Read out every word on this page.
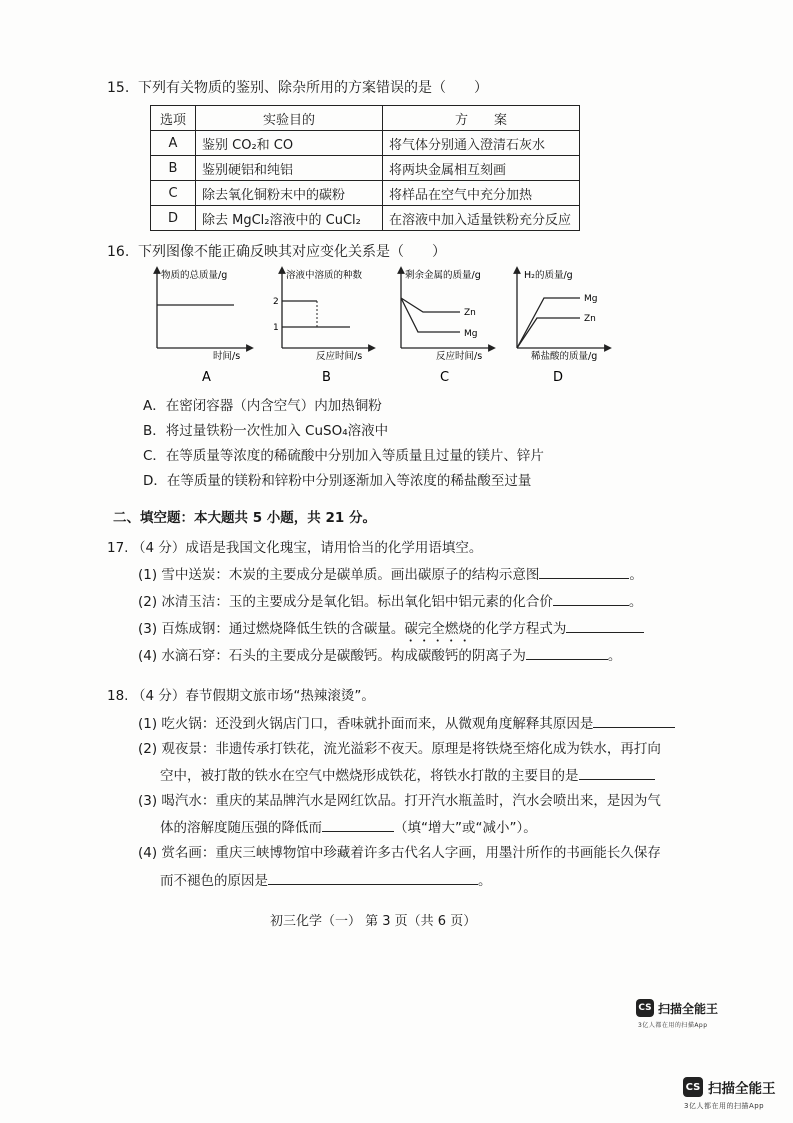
15. 下列有关物质的鉴别、除杂所用的方案错误的是（　　）
选项	实验目的	方　　案
A	鉴别 CO₂和 CO	将气体分别通入澄清石灰水
B	鉴别硬铝和纯铝	将两块金属相互刻画
C	除去氧化铜粉末中的碳粉	将样品在空气中充分加热
D	除去 MgCl₂溶液中的 CuCl₂	在溶液中加入适量铁粉充分反应
16. 下列图像不能正确反映其对应变化关系是（　　）
物质的总质量/g
时间/s
A
2
1
溶液中溶质的种数
反应时间/s
B
Zn
Mg
剩余金属的质量/g
反应时间/s
C
Mg
Zn
H₂的质量/g
稀盐酸的质量/g
D
A．在密闭容器（内含空气）内加热铜粉
B．将过量铁粉一次性加入 CuSO₄溶液中
C．在等质量等浓度的稀硫酸中分别加入等质量且过量的镁片、锌片
D．在等质量的镁粉和锌粉中分别逐渐加入等浓度的稀盐酸至过量
二、填空题：本大题共 5 小题，共 21 分。
17. （4 分）成语是我国文化瑰宝，请用恰当的化学用语填空。
(1) 雪中送炭：木炭的主要成分是碳单质。画出碳原子的结构示意图	。
(2) 冰清玉洁：玉的主要成分是氧化铝。标出氧化铝中铝元素的化合价	。
(3) 百炼成钢：通过燃烧降低生铁的含碳量。碳完全燃烧的化学方程式为
(4) 水滴石穿：石头的主要成分是碳酸钙。构成碳酸钙的阴离子为	。
18. （4 分）春节假期文旅市场“热辣滚烫”。
(1) 吃火锅：还没到火锅店门口，香味就扑面而来，从微观角度解释其原因是
(2) 观夜景：非遗传承打铁花，流光溢彩不夜天。原理是将铁烧至熔化成为铁水，再打向
空中，被打散的铁水在空气中燃烧形成铁花，将铁水打散的主要目的是
(3) 喝汽水：重庆的某品牌汽水是网红饮品。打开汽水瓶盖时，汽水会喷出来，是因为气
体的溶解度随压强的降低而	（填“增大”或“减小”）。
(4) 赏名画：重庆三峡博物馆中珍藏着许多古代名人字画，用墨汁所作的书画能长久保存
而不褪色的原因是	。
初三化学（一） 第 3 页（共 6 页）
CS 扫描全能王
3亿人都在用的扫描App
CS 扫描全能王
3亿人都在用的扫描App
